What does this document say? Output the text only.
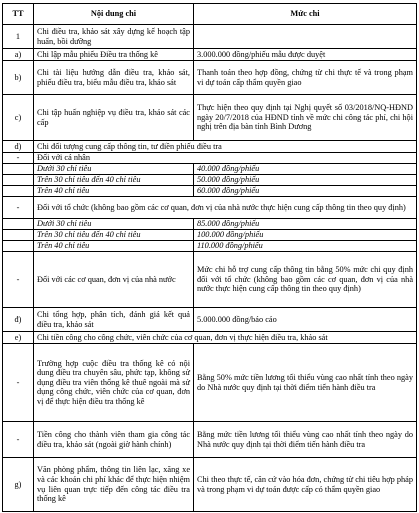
TT	Nội dung chi	Mức chi
1	Chi điều tra, khảo sát xây dựng kế hoạch tập huấn, bồi dưỡng	
a)	Chi lập mẫu phiếu Điều tra thống kê	3.000.000 đồng/phiếu mẫu được duyệt
b)	Chi tài liệu hướng dẫn điều tra, khảo sát, phiếu điều tra, biểu mẫu điều tra, khảo sát	Thanh toán theo hợp đồng, chứng từ chi thực tế và trong phạm vi dự toán cấp thẩm quyền giao
c)	Chi tập huấn nghiệp vụ điều tra, khảo sát các cấp	Thực hiện theo quy định tại Nghị quyết số 03/2018/NQ-HĐND ngày 20/7/2018 của HĐND tỉnh về mức chi công tác phí, chi hội nghị trên địa bàn tỉnh Bình Dương
d)	Chi đối tượng cung cấp thông tin, tư điền phiếu điều tra	
-	Đối với cá nhân	
	Dưới 30 chỉ tiêu	40.000 đồng/phiếu
	Trên 30 chỉ tiêu đến 40 chỉ tiêu	50.000 đồng/phiếu
	Trên 40 chỉ tiêu	60.000 đồng/phiếu
-	Đối với tổ chức (không bao gồm các cơ quan, đơn vị của nhà nước thực hiện cung cấp thông tin theo quy định)	
	Dưới 30 chỉ tiêu	85.000 đồng/phiếu
	Trên 30 chỉ tiêu đến 40 chỉ tiêu	100.000 đồng/phiếu
	Trên 40 chỉ tiêu	110.000 đồng/phiếu
-	Đối với các cơ quan, đơn vị của nhà nước	Mức chi hỗ trợ cung cấp thông tin bằng 50% mức chi quy định đối với tổ chức (không bao gồm các cơ quan, đơn vị của nhà nước thực hiện cung cấp thông tin theo quy định)
đ)	Chi tổng hợp, phân tích, đánh giá kết quả điều tra, khảo sát	5.000.000 đồng/báo cáo
e)	Chi tiền công cho công chức, viên chức của cơ quan, đơn vị thực hiện điều tra, khảo sát	
-	Trường hợp cuộc điều tra thống kê có nội dung điều tra chuyên sâu, phức tạp, không sử dụng điều tra viên thống kê thuê ngoài mà sử dụng công chức, viên chức của cơ quan, đơn vị để thực hiện điều tra thống kê	Bằng 50% mức tiền lương tối thiểu vùng cao nhất tính theo ngày do Nhà nước quy định tại thời điểm tiến hành điều tra
-	Tiền công cho thành viên tham gia công tác điều tra, khảo sát (ngoài giờ hành chính)	Bằng mức tiền lương tối thiểu vùng cao nhất tính theo ngày do Nhà nước quy định tại thời điểm tiến hành điều tra
g)	Văn phòng phẩm, thông tin liên lạc, xăng xe và các khoản chi phí khác để thực hiện nhiệm vụ liên quan trực tiếp đến công tác điều tra thống kê	Chi theo thực tế, căn cứ vào hóa đơn, chứng từ chi tiêu hợp pháp và trong phạm vi dự toán được cấp có thẩm quyền giao
